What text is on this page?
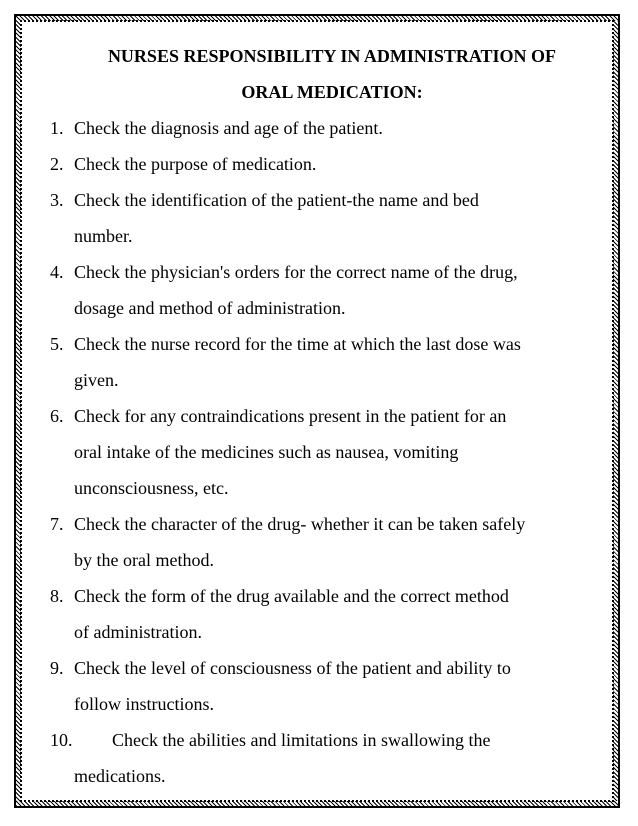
NURSES RESPONSIBILITY IN ADMINISTRATION OF
ORAL MEDICATION:
1. Check the diagnosis and age of the patient.
2. Check the purpose of medication.
3. Check the identification of the patient-the name and bed
number.
4. Check the physician's orders for the correct name of the drug,
dosage and method of administration.
5. Check the nurse record for the time at which the last dose was
given.
6. Check for any contraindications present in the patient for an
oral intake of the medicines such as nausea, vomiting
unconsciousness, etc.
7. Check the character of the drug- whether it can be taken safely
by the oral method.
8. Check the form of the drug available and the correct method
of administration.
9. Check the level of consciousness of the patient and ability to
follow instructions.
10.	Check the abilities and limitations in swallowing the
medications.
